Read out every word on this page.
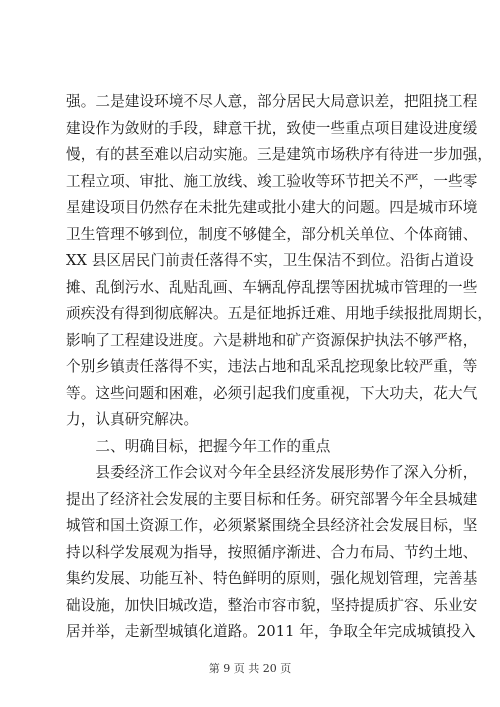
强。二是建设环境不尽人意，部分居民大局意识差，把阻挠工程
建设作为敛财的手段，肆意干扰，致使一些重点项目建设进度缓
慢，有的甚至难以启动实施。三是建筑市场秩序有待进一步加强，
工程立项、审批、施工放线、竣工验收等环节把关不严，一些零
星建设项目仍然存在未批先建或批小建大的问题。四是城市环境
卫生管理不够到位，制度不够健全，部分机关单位、个体商铺、
XX 县区居民门前责任落得不实，卫生保洁不到位。沿街占道设
摊、乱倒污水、乱贴乱画、车辆乱停乱摆等困扰城市管理的一些
顽疾没有得到彻底解决。五是征地拆迁难、用地手续报批周期长，
影响了工程建设进度。六是耕地和矿产资源保护执法不够严格，
个别乡镇责任落得不实，违法占地和乱采乱挖现象比较严重，等
等。这些问题和困难，必须引起我们度重视，下大功夫，花大气
力，认真研究解决。
　　二、明确目标，把握今年工作的重点
　　县委经济工作会议对今年全县经济发展形势作了深入分析，
提出了经济社会发展的主要目标和任务。研究部署今年全县城建
城管和国土资源工作，必须紧紧围绕全县经济社会发展目标，坚
持以科学发展观为指导，按照循序渐进、合力布局、节约土地、
集约发展、功能互补、特色鲜明的原则，强化规划管理，完善基
础设施，加快旧城改造，整治市容市貌，坚持提质扩容、乐业安
居并举，走新型城镇化道路。2011 年，争取全年完成城镇投入
第 9 页 共 20 页
